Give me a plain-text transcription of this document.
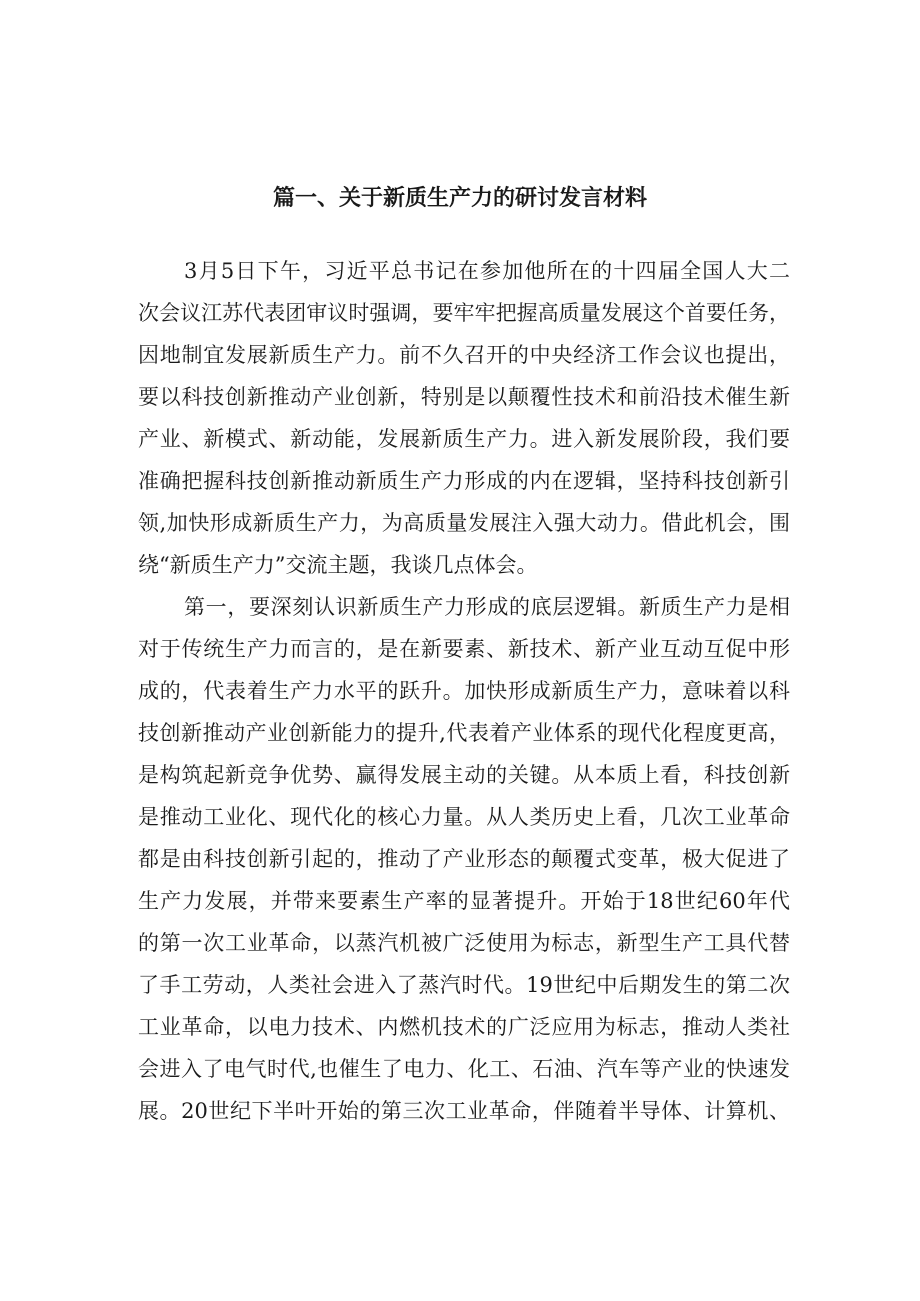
篇一、关于新质生产力的研讨发言材料

3月5日下午，习近平总书记在参加他所在的十四届全国人大二

次会议江苏代表团审议时强调，要牢牢把握高质量发展这个首要任务，

因地制宜发展新质生产力。前不久召开的中央经济工作会议也提出，

要以科技创新推动产业创新，特别是以颠覆性技术和前沿技术催生新

产业、新模式、新动能，发展新质生产力。进入新发展阶段，我们要

准确把握科技创新推动新质生产力形成的内在逻辑，坚持科技创新引

领,加快形成新质生产力，为高质量发展注入强大动力。借此机会，围

绕“新质生产力”交流主题，我谈几点体会。

第一，要深刻认识新质生产力形成的底层逻辑。新质生产力是相

对于传统生产力而言的，是在新要素、新技术、新产业互动互促中形

成的，代表着生产力水平的跃升。加快形成新质生产力，意味着以科

技创新推动产业创新能力的提升,代表着产业体系的现代化程度更高，

是构筑起新竞争优势、赢得发展主动的关键。从本质上看，科技创新

是推动工业化、现代化的核心力量。从人类历史上看，几次工业革命

都是由科技创新引起的，推动了产业形态的颠覆式变革，极大促进了

生产力发展，并带来要素生产率的显著提升。开始于18世纪60年代

的第一次工业革命，以蒸汽机被广泛使用为标志，新型生产工具代替

了手工劳动，人类社会进入了蒸汽时代。19世纪中后期发生的第二次

工业革命，以电力技术、内燃机技术的广泛应用为标志，推动人类社

会进入了电气时代,也催生了电力、化工、石油、汽车等产业的快速发

展。20世纪下半叶开始的第三次工业革命，伴随着半导体、计算机、
